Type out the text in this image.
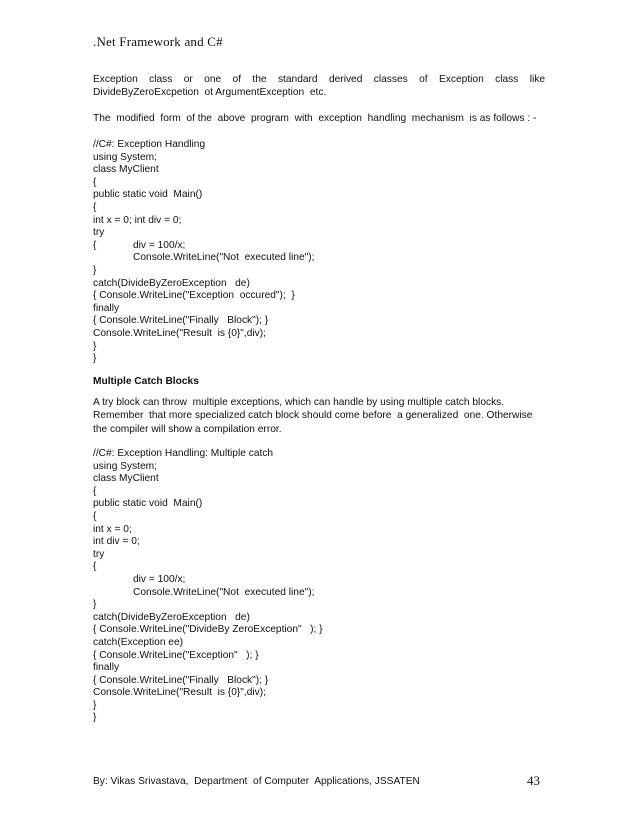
.Net Framework and C#
Exception class or one of the standard derived classes of Exception class like
DivideByZeroExcpetion  ot ArgumentException  etc.
The  modified  form  of the  above  program  with  exception  handling  mechanism  is as follows : -
//C#: Exception Handling
using System;
class MyClient
{
public static void  Main()
{
int x = 0; int div = 0;
try
{	div = 100/x;
Console.WriteLine("Not  executed line");
}
catch(DivideByZeroException   de)
{ Console.WriteLine("Exception  occured");  }
finally
{ Console.WriteLine("Finally   Block"); }
Console.WriteLine("Result  is {0}",div);
}
}
Multiple Catch Blocks
A try block can throw  multiple exceptions, which can handle by using multiple catch blocks.
Remember  that more specialized catch block should come before  a generalized  one. Otherwise
the compiler will show a compilation error.
//C#: Exception Handling: Multiple catch
using System;
class MyClient
{
public static void  Main()
{
int x = 0;
int div = 0;
try
{
div = 100/x;
Console.WriteLine("Not  executed line");
}
catch(DivideByZeroException   de)
{ Console.WriteLine("DivideBy ZeroException"   ); }
catch(Exception ee)
{ Console.WriteLine("Exception"   ); }
finally
{ Console.WriteLine("Finally   Block"); }
Console.WriteLine("Result  is {0}",div);
}
}
By: Vikas Srivastava,  Department  of Computer  Applications, JSSATEN	43
